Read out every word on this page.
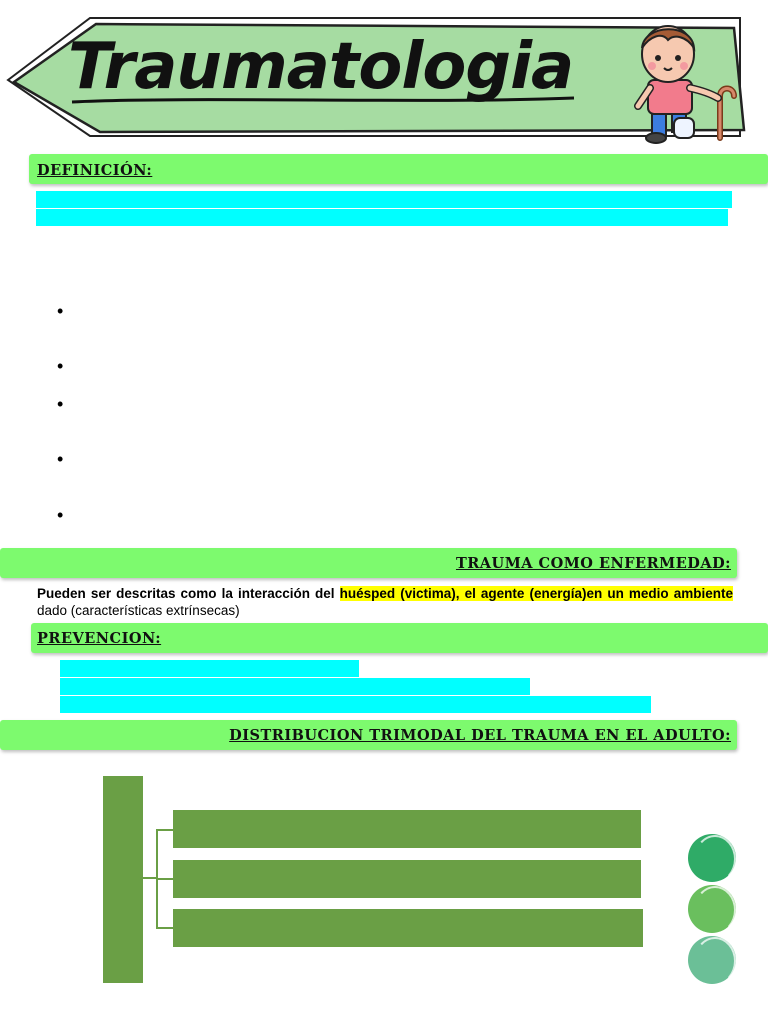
Traumatologia
DEFINICIÓN:
•
•
•
•
•
TRAUMA COMO ENFERMEDAD:
Pueden ser descritas como la interacción del huésped (victima), el agente (energía)en un medio ambiente dado (características extrínsecas)
PREVENCION:
DISTRIBUCION TRIMODAL DEL TRAUMA EN EL ADULTO:
